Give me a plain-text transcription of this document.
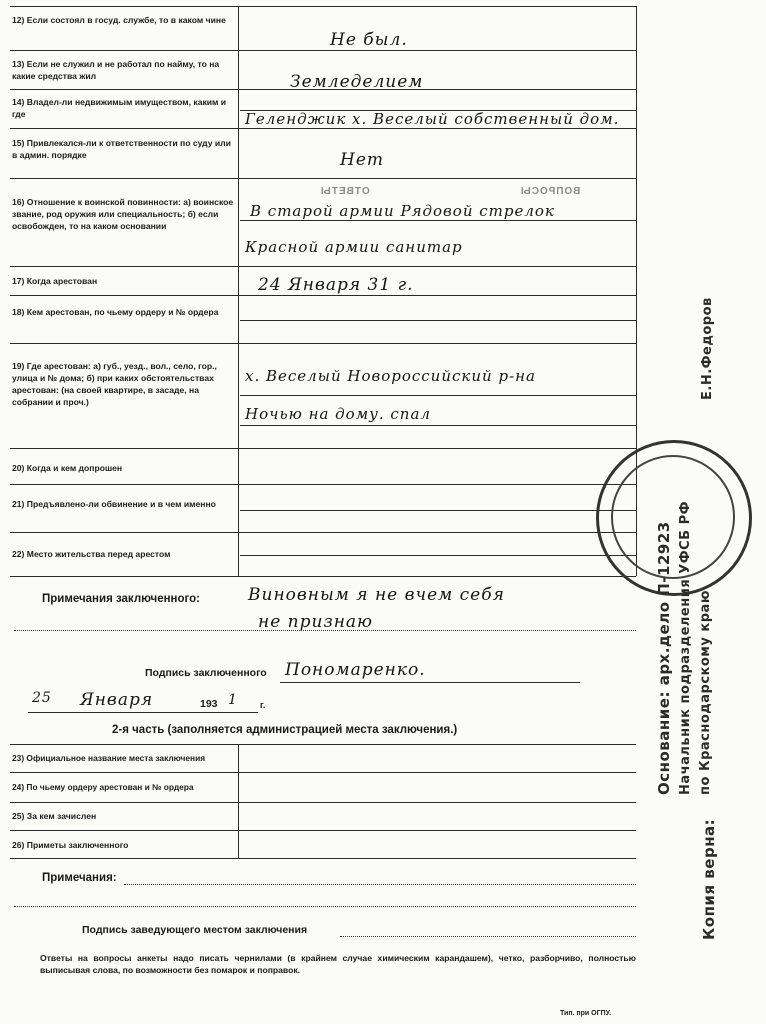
ВОПРОСЫ
ОТВЕТЫ
12) Если состоял в госуд. службе, то в каком чине
13) Если не служил и не работал по найму, то на какие средства жил
14) Владел-ли недвижимым имуществом, каким и где
15) Привлекался-ли к ответственности по суду или в админ. порядке
16) Отношение к воинской повинности: а) воинское звание, род оружия или специальность; б) если освобожден, то на каком основании
17) Когда арестован
18) Кем арестован, по чьему ордеру и № ордера
19) Где арестован: а) губ., уезд., вол., село, гор., улица и № дома; б) при каких обстоятельствах арестован: (на своей квартире, в засаде, на собрании и проч.)
20) Когда и кем допрошен
21) Предъявлено-ли обвинение и в чем именно
22) Место жительства перед арестом
Не был.
Земледелием
Геленджик х. Веселый собственный дом.
Нет
В старой армии Рядовой стрелок
Красной армии санитар
24 Января 31 г.
х. Веселый Новороссийский р-на
Ночью на дому. спал
Примечания заключенного:	Виновным я не вчем себя
не признаю
Подпись заключенного Пономаренко.
25 Января	193 1 г.
2-я часть (заполняется администрацией места заключения.)
23) Официальное название места заключения
24) По чьему ордеру арестован и № ордера
25) За кем зачислен
26) Приметы заключенного
Примечания:
Подпись заведующего местом заключения
Ответы на вопросы анкеты надо писать чернилами (в крайнем случае химическим карандашем), четко, разборчиво, полностью выписывая слова, по возможности без помарок и поправок.
Тип. при ОГПУ.
Основание: арх.дело П-12923
Копия верна:
Начальник подразделения УФСБ РФ по Краснодарскому краю
Е.Н.Федоров
